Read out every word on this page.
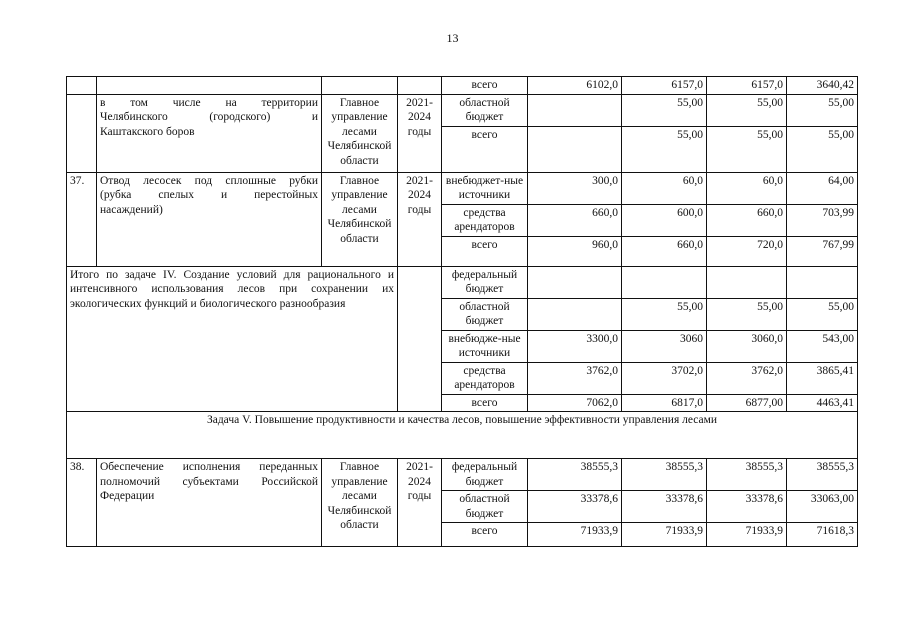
13
				всего	6102,0	6157,0	6157,0	3640,42

	в том числе на территории
Челябинского (городского) и
Каштакского боров	Главное управление лесами Челябинской области	2021-2024 годы	областной бюджет		55,00	55,00	55,00
				всего		55,00	55,00	55,00
37.	Отвод лесосек под сплошные рубки
(рубка спелых и перестойных
насаждений)	Главное управление лесами Челябинской области	2021-2024 годы	внебюджет-ные источники	300,0	60,0	60,0	64,00
				средства арендаторов	660,0	600,0	660,0	703,99
				всего	960,0	660,0	720,0	767,99
Итого по задаче IV. Создание условий для рационального и интенсивного использования лесов при сохранении их экологических функций и биологического разнообразия				федеральный бюджет				
				областной бюджет		55,00	55,00	55,00
				внебюдже-ные источники	3300,0	3060	3060,0	543,00
				средства арендаторов	3762,0	3702,0	3762,0	3865,41
				всего	7062,0	6817,0	6877,00	4463,41
Задача V. Повышение продуктивности и качества лесов, повышение эффективности управления лесами								
38.	Обеспечение исполнения переданных
полномочий субъектами Российской
Федерации	Главное управление лесами Челябинской области	2021-2024 годы	федеральный бюджет	38555,3	38555,3	38555,3	38555,3
				областной бюджет	33378,6	33378,6	33378,6	33063,00
				всего	71933,9	71933,9	71933,9	71618,3
